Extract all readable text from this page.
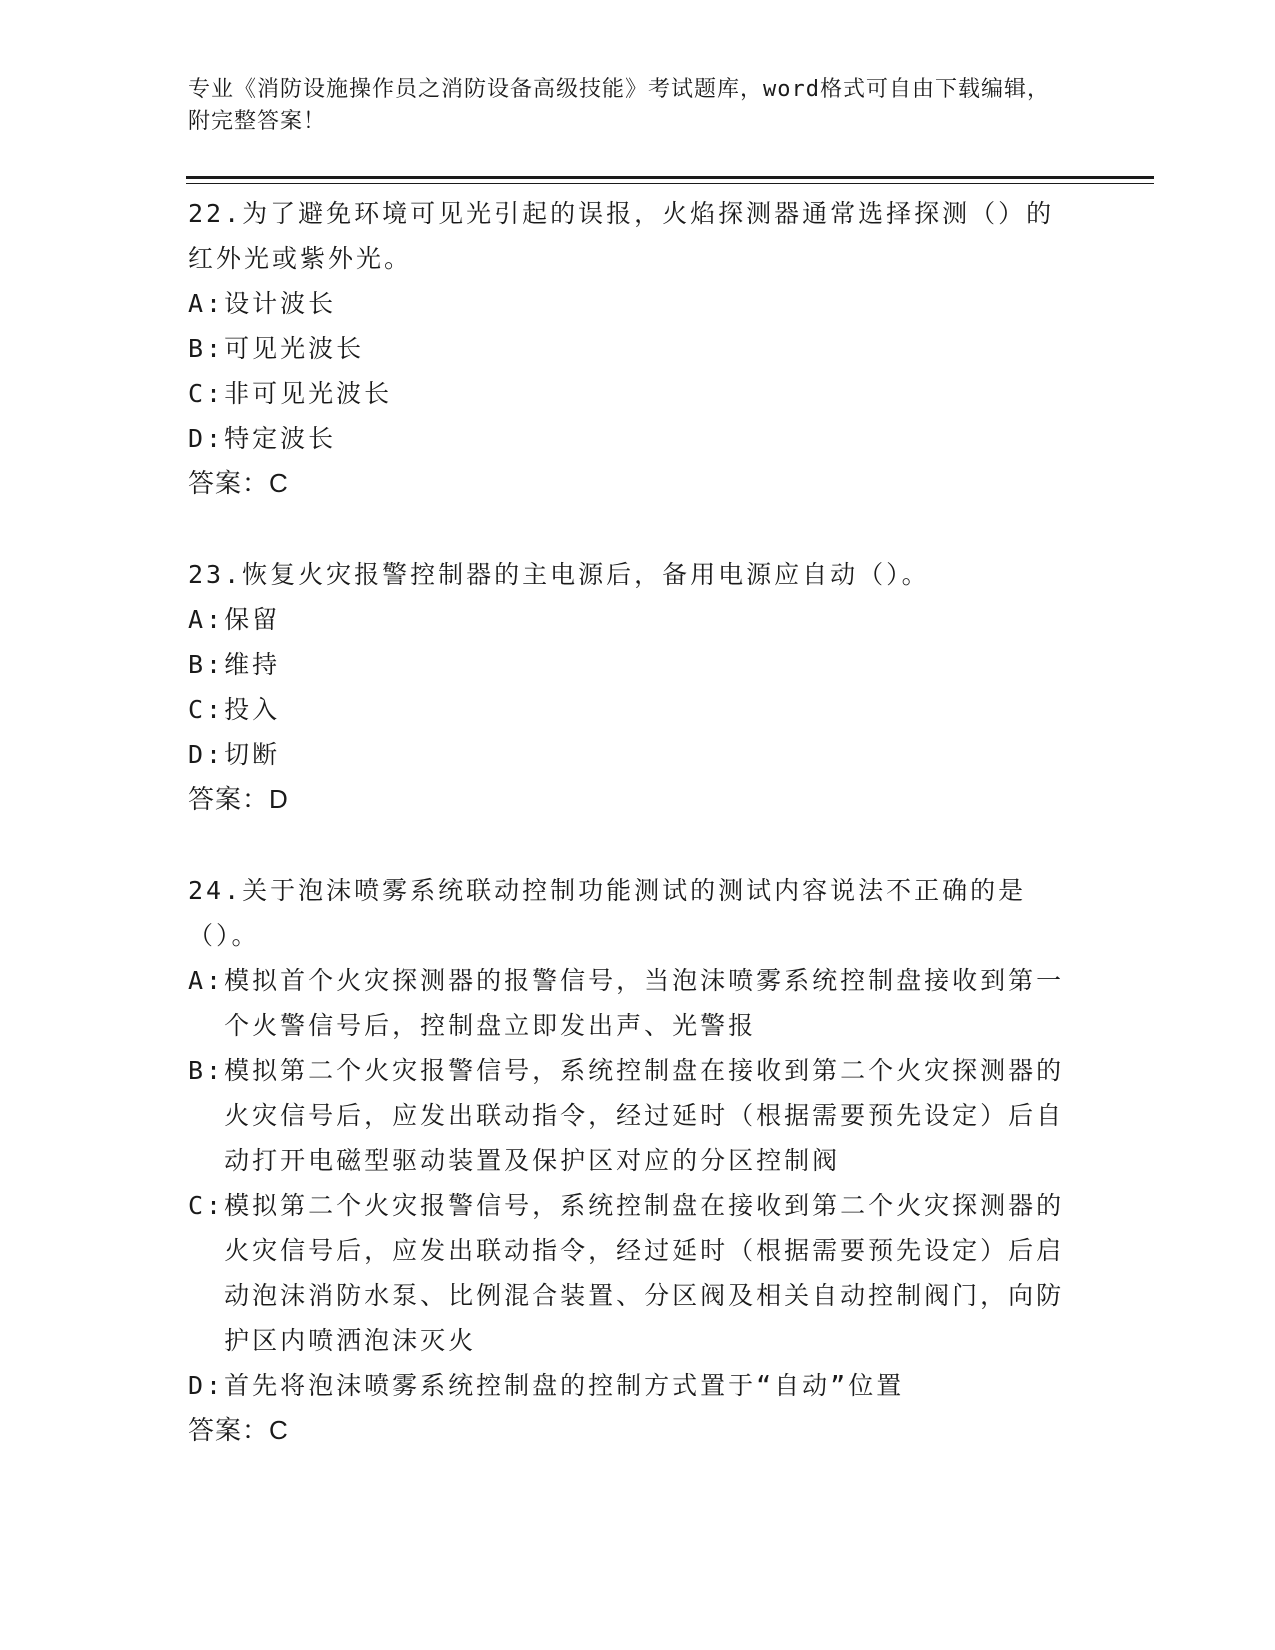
专业《消防设施操作员之消防设备高级技能》考试题库，word格式可自由下载编辑，附完整答案！

22.为了避免环境可见光引起的误报，火焰探测器通常选择探测（）的红外光或紫外光。

A: 设计波长

B: 可见光波长

C: 非可见光波长

D: 特定波长

答案：C

23.恢复火灾报警控制器的主电源后，备用电源应自动（）。

A: 保留

B: 维持

C: 投入

D: 切断

答案：D

24.关于泡沫喷雾系统联动控制功能测试的测试内容说法不正确的是（）。

A: 模拟首个火灾探测器的报警信号，当泡沫喷雾系统控制盘接收到第一个火警信号后，控制盘立即发出声、光警报

B: 模拟第二个火灾报警信号，系统控制盘在接收到第二个火灾探测器的火灾信号后，应发出联动指令，经过延时（根据需要预先设定）后自动打开电磁型驱动装置及保护区对应的分区控制阀

C: 模拟第二个火灾报警信号，系统控制盘在接收到第二个火灾探测器的火灾信号后，应发出联动指令，经过延时（根据需要预先设定）后启动泡沫消防水泵、比例混合装置、分区阀及相关自动控制阀门，向防护区内喷洒泡沫灭火

D: 首先将泡沫喷雾系统控制盘的控制方式置于“自动”位置

答案：C
